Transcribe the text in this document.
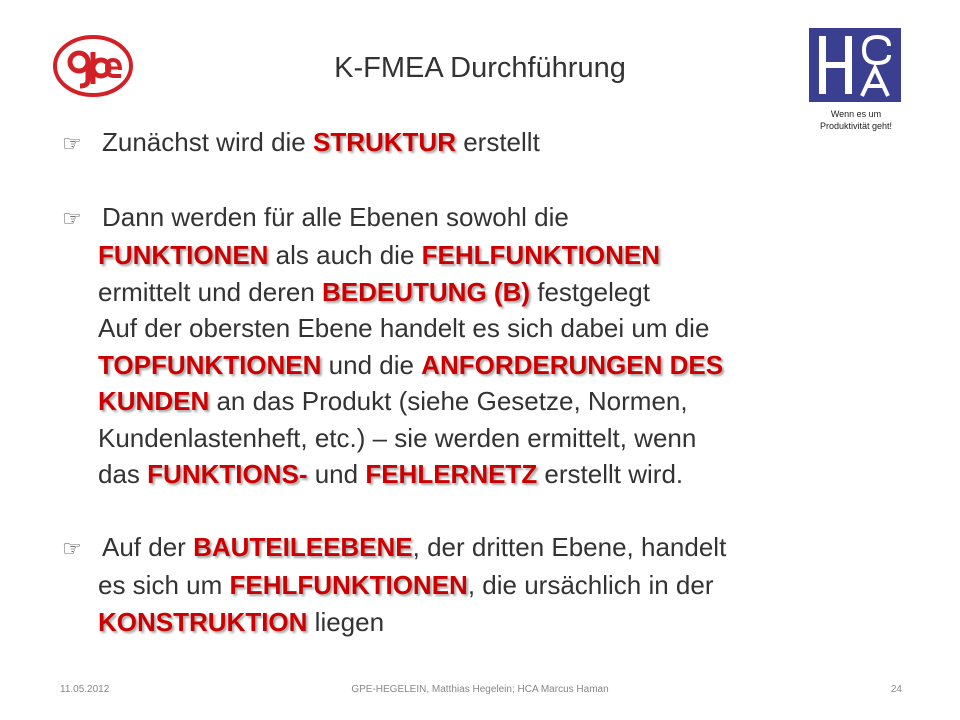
K-FMEA Durchführung
Wenn es um
Produktivität geht!
☞ Zunächst wird die STRUKTUR erstellt
☞ Dann werden für alle Ebenen sowohl die
FUNKTIONEN als auch die FEHLFUNKTIONEN
ermittelt und deren BEDEUTUNG (B) festgelegt
Auf der obersten Ebene handelt es sich dabei um die
TOPFUNKTIONEN und die ANFORDERUNGEN DES
KUNDEN an das Produkt (siehe Gesetze, Normen,
Kundenlastenheft, etc.) – sie werden ermittelt, wenn
das FUNKTIONS- und FEHLERNETZ erstellt wird.
☞ Auf der BAUTEILEEBENE, der dritten Ebene, handelt
es sich um FEHLFUNKTIONEN, die ursächlich in der
KONSTRUKTION liegen
11.05.2012	GPE-HEGELEIN, Matthias Hegelein; HCA Marcus Haman	24
